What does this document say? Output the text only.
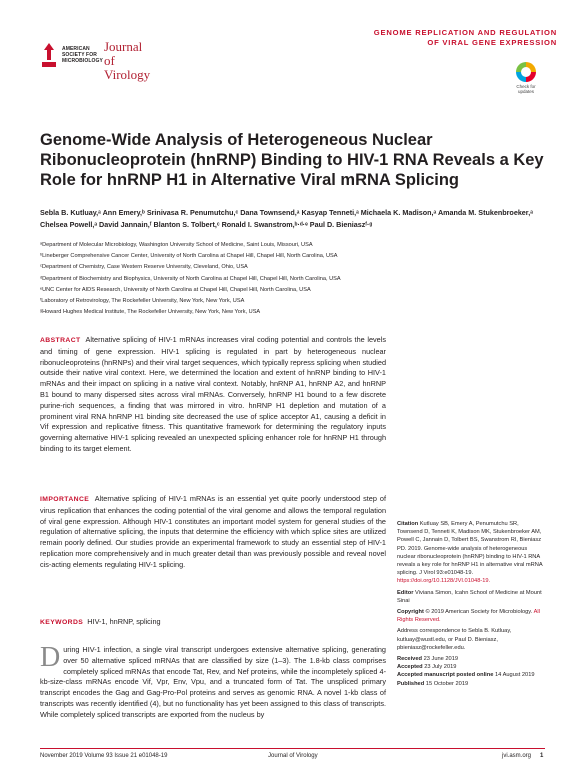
AMERICAN SOCIETY FOR MICROBIOLOGY
Journal of
Virology
GENOME REPLICATION AND REGULATION
OF VIRAL GENE EXPRESSION
Check for updates
Genome-Wide Analysis of Heterogeneous Nuclear Ribonucleoprotein (hnRNP) Binding to HIV-1 RNA Reveals a Key Role for hnRNP H1 in Alternative Viral mRNA Splicing
Sebla B. Kutluay,ᵃ Ann Emery,ᵇ Srinivasa R. Penumutchu,ᶜ Dana Townsend,ᵃ Kasyap Tenneti,ᵃ Michaela K. Madison,ᵃ Amanda M. Stukenbroeker,ᵃ Chelsea Powell,ᵃ David Jannain,ᶠ Blanton S. Tolbert,ᶜ Ronald I. Swanstrom,ᵇ·ᵈ·ᵉ Paul D. Bieniaszᶠ·ᵍ
ᵃDepartment of Molecular Microbiology, Washington University School of Medicine, Saint Louis, Missouri, USA
ᵇLineberger Comprehensive Cancer Center, University of North Carolina at Chapel Hill, Chapel Hill, North Carolina, USA
ᶜDepartment of Chemistry, Case Western Reserve University, Cleveland, Ohio, USA
ᵈDepartment of Biochemistry and Biophysics, University of North Carolina at Chapel Hill, Chapel Hill, North Carolina, USA
ᵉUNC Center for AIDS Research, University of North Carolina at Chapel Hill, Chapel Hill, North Carolina, USA
ᶠLaboratory of Retrovirology, The Rockefeller University, New York, New York, USA
ᵍHoward Hughes Medical Institute, The Rockefeller University, New York, New York, USA
ABSTRACT Alternative splicing of HIV-1 mRNAs increases viral coding potential and controls the levels and timing of gene expression. HIV-1 splicing is regulated in part by heterogeneous nuclear ribonucleoproteins (hnRNPs) and their viral target sequences, which typically repress splicing when studied outside their native viral context. Here, we determined the location and extent of hnRNP binding to HIV-1 mRNAs and their impact on splicing in a native viral context. Notably, hnRNP A1, hnRNP A2, and hnRNP B1 bound to many dispersed sites across viral mRNAs. Conversely, hnRNP H1 bound to a few discrete purine-rich sequences, a finding that was mirrored in vitro. hnRNP H1 depletion and mutation of a prominent viral RNA hnRNP H1 binding site decreased the use of splice acceptor A1, causing a deficit in Vif expression and replicative fitness. This quantitative framework for determining the regulatory inputs governing alternative HIV-1 splicing revealed an unexpected splicing enhancer role for hnRNP H1 through binding to its target element.
IMPORTANCE Alternative splicing of HIV-1 mRNAs is an essential yet quite poorly understood step of virus replication that enhances the coding potential of the viral genome and allows the temporal regulation of viral gene expression. Although HIV-1 constitutes an important model system for general studies of the regulation of alternative splicing, the inputs that determine the efficiency with which splice sites are utilized remain poorly defined. Our studies provide an experimental framework to study an essential step of HIV-1 replication more comprehensively and in much greater detail than was previously possible and reveal novel cis-acting elements regulating HIV-1 splicing.
KEYWORDS HIV-1, hnRNP, splicing
D uring HIV-1 infection, a single viral transcript undergoes extensive alternative splicing, generating over 50 alternative spliced mRNAs that are classified by size (1–3). The 1.8-kb class comprises completely spliced mRNAs that encode Tat, Rev, and Nef proteins, while the incompletely spliced 4-kb-size-class mRNAs encode Vif, Vpr, Env, Vpu, and a truncated form of Tat. The unspliced primary transcript encodes the Gag and Gag-Pro-Pol proteins and serves as genomic RNA. A novel 1-kb class of transcripts was recently identified (4), but no functionality has yet been assigned to this class of transcripts. While completely spliced transcripts are exported from the nucleus by

Citation Kutluay SB, Emery A, Penumutchu SR, Townsend D, Tenneti K, Madison MK, Stukenbroeker AM, Powell C, Jannain D, Tolbert BS, Swanstrom RI, Bieniasz PD. 2019. Genome-wide analysis of heterogeneous nuclear ribonucleoprotein (hnRNP) binding to HIV-1 RNA reveals a key role for hnRNP H1 in alternative viral mRNA splicing. J Virol 93:e01048-19. https://doi.org/10.1128/JVI.01048-19.

Editor Viviana Simon, Icahn School of Medicine at Mount Sinai

Copyright © 2019 American Society for Microbiology. All Rights Reserved.

Address correspondence to Sebla B. Kutluay, kutluay@wustl.edu, or Paul D. Bieniasz, pbieniasz@rockefeller.edu.

Received 23 June 2019
Accepted 23 July 2019
Accepted manuscript posted online 14 August 2019
Published 15 October 2019
November 2019 Volume 93 Issue 21 e01048-19	Journal of Virology	jvi.asm.org 1
